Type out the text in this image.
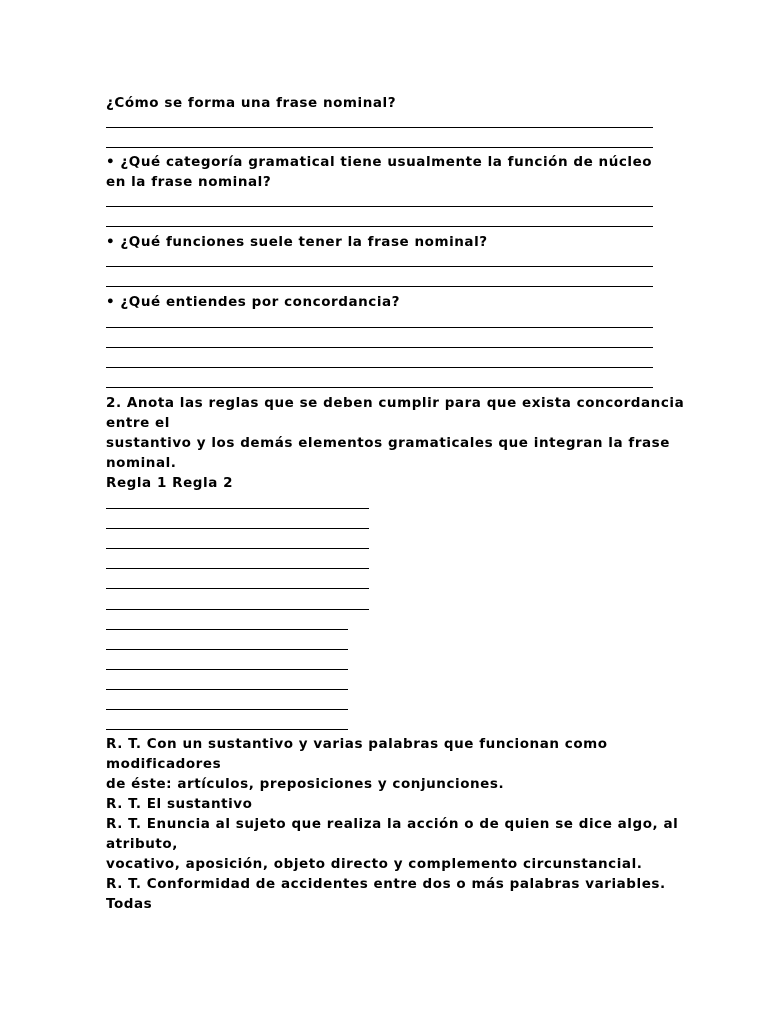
¿Cómo se forma una frase nominal?
• ¿Qué categoría gramatical tiene usualmente la función de núcleo
en la frase nominal?
• ¿Qué funciones suele tener la frase nominal?
• ¿Qué entiendes por concordancia?
2. Anota las reglas que se deben cumplir para que exista concordancia
entre el
sustantivo y los demás elementos gramaticales que integran la frase
nominal.
Regla 1 Regla 2
R. T. Con un sustantivo y varias palabras que funcionan como
modificadores
de éste: artículos, preposiciones y conjunciones.
R. T. El sustantivo
R. T. Enuncia al sujeto que realiza la acción o de quien se dice algo, al
atributo,
vocativo, aposición, objeto directo y complemento circunstancial.
R. T. Conformidad de accidentes entre dos o más palabras variables.
Todas
